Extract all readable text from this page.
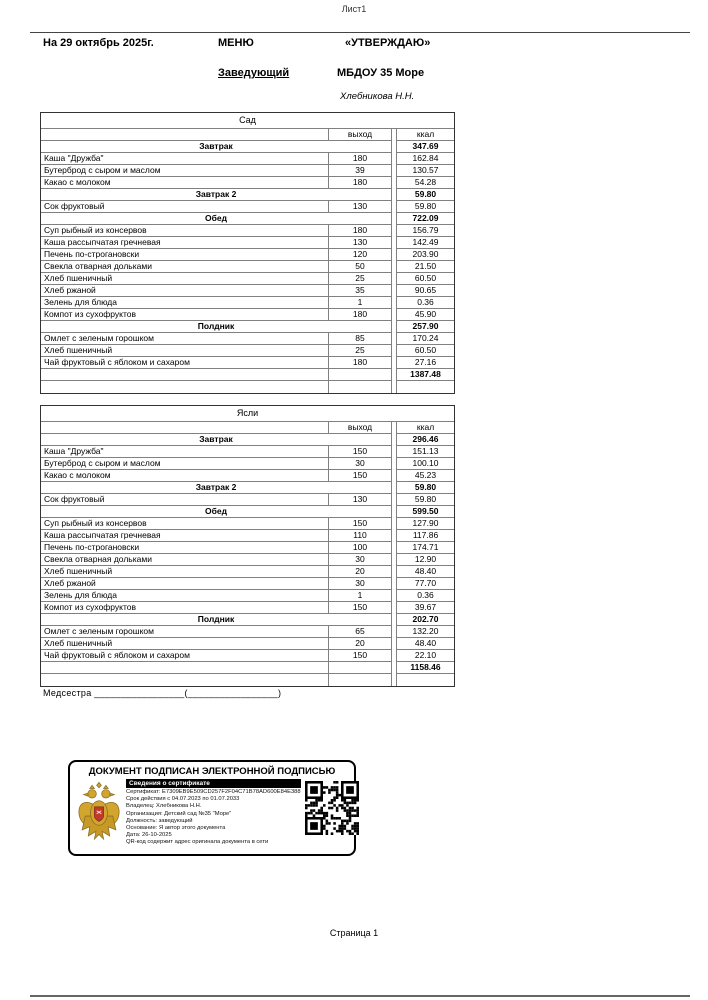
Лист1
На 29 октябрь 2025г.	МЕНЮ	«УТВЕРЖДАЮ»
Заведующий	МБДОУ 35 Море
Хлебникова Н.Н.
Сад
выход	ккал
Завтрак	347.69
Каша "Дружба"	180	162.84
Бутерброд с сыром и маслом	39	130.57
Какао с молоком	180	54.28
Завтрак 2	59.80
Сок фруктовый	130	59.80
Обед	722.09
Суп рыбный из консервов	180	156.79
Каша рассыпчатая гречневая	130	142.49
Печень по-строгановски	120	203.90
Свекла отварная дольками	50	21.50
Хлеб пшеничный	25	60.50
Хлеб ржаной	35	90.65
Зелень для блюда	1	0.36
Компот из сухофруктов	180	45.90
Полдник	257.90
Омлет с зеленым горошком	85	170.24
Хлеб пшеничный	25	60.50
Чай фруктовый с яблоком и сахаром	180	27.16
1387.48
Ясли
выход	ккал
Завтрак	296.46
Каша "Дружба"	150	151.13
Бутерброд с сыром и маслом	30	100.10
Какао с молоком	150	45.23
Завтрак 2	59.80
Сок фруктовый	130	59.80
Обед	599.50
Суп рыбный из консервов	150	127.90
Каша рассыпчатая гречневая	110	117.86
Печень по-строгановски	100	174.71
Свекла отварная дольками	30	12.90
Хлеб пшеничный	20	48.40
Хлеб ржаной	30	77.70
Зелень для блюда	1	0.36
Компот из сухофруктов	150	39.67
Полдник	202.70
Омлет с зеленым горошком	65	132.20
Хлеб пшеничный	20	48.40
Чай фруктовый с яблоком и сахаром	150	22.10
1158.46
Медсестра _________________(_________________)
ДОКУМЕНТ ПОДПИСАН ЭЛЕКТРОННОЙ ПОДПИСЬЮ
Сведения о сертификате
Сертификат: E7309EB9E509CD257F2F04C71B78AD600E84E388
Срок действия с 04.07.2023 по 01.07.2033
Владелец: Хлебникова Н.Н.
Организация: Детский сад №35 "Море"
Должность: заведующий
Основание: Я автор этого документа
Дата: 26-10-2025
QR-код содержит адрес оригинала документа в сети
Страница 1
